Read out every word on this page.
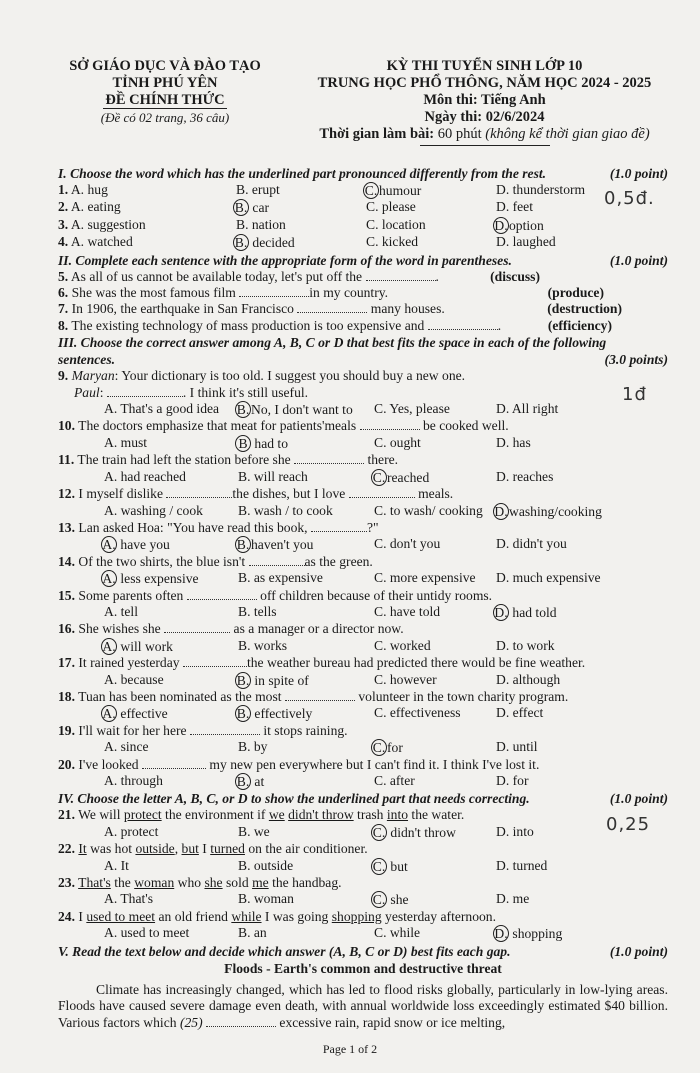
SỞ GIÁO DỤC VÀ ĐÀO TẠO
TỈNH PHÚ YÊN
ĐỀ CHÍNH THỨC
(Đề có 02 trang, 36 câu)
KỲ THI TUYỂN SINH LỚP 10
TRUNG HỌC PHỔ THÔNG, NĂM HỌC 2024 - 2025
Môn thi: Tiếng Anh
Ngày thi: 02/6/2024
Thời gian làm bài: 60 phút (không kể thời gian giao đề)
0,5đ.
1đ
0,25
I. Choose the word which has the underlined part pronounced differently from the rest.	(1.0 point)
1. A. hug	B. erupt	C. humour	D. thunderstorm
2. A. eating	B. car	C. please	D. feet
3. A. suggestion	B. nation	C. location	D.option
4. A. watched	B. decided	C. kicked	D. laughed
II. Complete each sentence with the appropriate form of the word in parentheses.	(1.0 point)
5. As all of us cannot be available today, let's put off the	.	(discuss)
6. She was the most famous film	in my country.	(produce)
7. In 1906, the earthquake in San Francisco	many houses.	(destruction)
8. The existing technology of mass production is too expensive and	.	(efficiency)
III. Choose the correct answer among A, B, C or D that best fits the space in each of the following
sentences.	(3.0 points)
9. Maryan: Your dictionary is too old. I suggest you should buy a new one.
Paul:	. I think it's still useful.
A. That's a good idea	B. No, I don't want to	C. Yes, please	D. All right
10. The doctors emphasize that meat for patients'meals	be cooked well.
A. must	B had to	C. ought	D. has
11. The train had left the station before she	there.
A. had reached	B. will reach	C. reached	D. reaches
12. I myself dislike	the dishes, but I love	meals.
A. washing / cook	B. wash / to cook	C. to wash/ cooking D.washing/cooking
13. Lan asked Hoa: "You have read this book,	?"
A. have you	B. haven't you	C. don't you	D. didn't you
14. Of the two shirts, the blue isn't	as the green.
A. less expensive	B. as expensive	C. more expensive	D. much expensive
15. Some parents often	off children because of their untidy rooms.
A. tell	B. tells	C. have told	D. had told
16. She wishes she	as a manager or a director now.
A. will work	B. works	C. worked	D. to work
17. It rained yesterday	the weather bureau had predicted there would be fine weather.
A. because	B. in spite of	C. however	D. although
18. Tuan has been nominated as the most	volunteer in the town charity program.
A. effective	B. effectively	C. effectiveness	D. effect
19. I'll wait for her here	it stops raining.
A. since	B. by	C. for	D. until
20. I've looked	my new pen everywhere but I can't find it. I think I've lost it.
A. through	B. at	C. after	D. for
IV. Choose the letter A, B, C, or D to show the underlined part that needs correcting.	(1.0 point)
21. We will protect the environment if we didn't throw trash into the water.
A. protect	B. we	C. didn't throw	D. into
22. It was hot outside, but I turned on the air conditioner.
A. It	B. outside	C. but	D. turned
23. That's the woman who she sold me the handbag.
A. That's	B. woman	C. she	D. me
24. I used to meet an old friend while I was going shopping yesterday afternoon.
A. used to meet	B. an	C. while	D. shopping
V. Read the text below and decide which answer (A, B, C or D) best fits each gap.	(1.0 point)
Floods - Earth's common and destructive threat
Climate has increasingly changed, which has led to flood risks globally, particularly in low-lying areas. Floods have caused severe damage even death, with annual worldwide loss exceedingly estimated $40 billion. Various factors which (25)	excessive rain, rapid snow or ice melting,
Page 1 of 2
